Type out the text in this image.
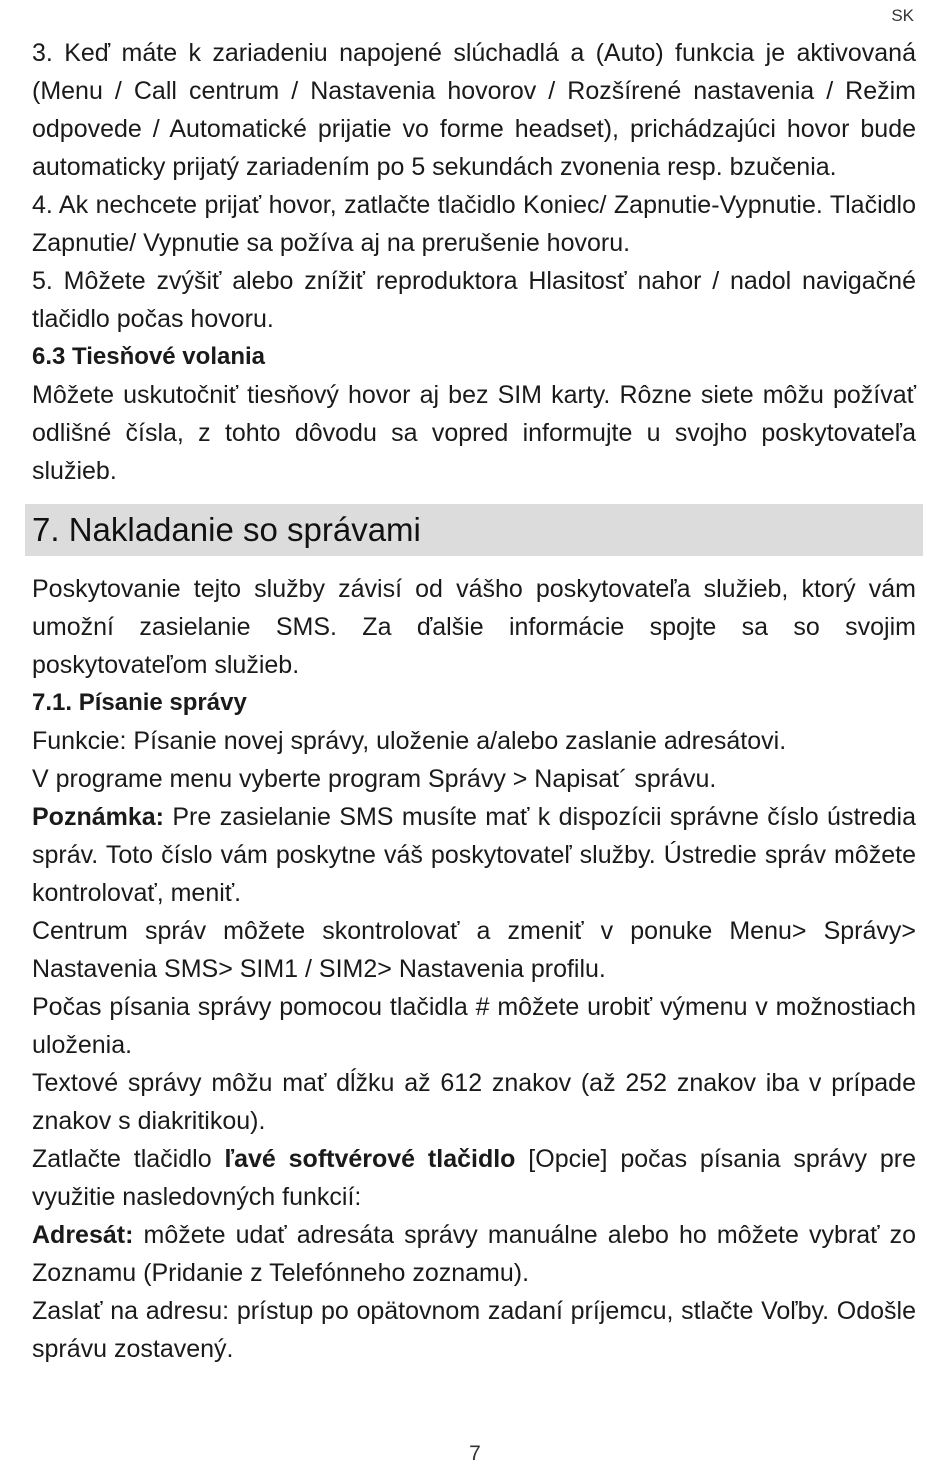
SK

3. Keď máte k zariadeniu napojené slúchadlá a (Auto) funkcia je aktivovaná (Menu / Call centrum / Nastavenia hovorov / Rozšírené nastavenia / Režim odpovede / Automatické prijatie vo forme headset), prichádzajúci hovor bude automaticky prijatý zariadením po 5 sekundách zvonenia resp. bzučenia.

4. Ak nechcete prijať hovor, zatlačte tlačidlo Koniec/ Zapnutie-Vypnutie. Tlačidlo Zapnutie/ Vypnutie sa požíva aj na prerušenie hovoru.

5. Môžete zvýšiť alebo znížiť reproduktora Hlasitosť nahor / nadol navigačné tlačidlo počas hovoru.

6.3 Tiesňové volania

Môžete uskutočniť tiesňový hovor aj bez SIM karty. Rôzne siete môžu požívať odlišné čísla, z tohto dôvodu sa vopred informujte u svojho poskytovateľa služieb.

7. Nakladanie so správami

Poskytovanie tejto služby závisí od vášho poskytovateľa služieb, ktorý vám umožní zasielanie SMS. Za ďalšie informácie spojte sa so svojim poskytovateľom služieb.

7.1. Písanie správy

Funkcie: Písanie novej správy, uloženie a/alebo zaslanie adresátovi.

V programe menu vyberte program Správy > Napisat´ správu.

Poznámka: Pre zasielanie SMS musíte mať k dispozícii správne číslo ústredia správ. Toto číslo vám poskytne váš poskytovateľ služby. Ústredie správ môžete kontrolovať, meniť.

Centrum správ môžete skontrolovať a zmeniť v ponuke Menu> Správy> Nastavenia SMS> SIM1 / SIM2> Nastavenia profilu.

Počas písania správy pomocou tlačidla # môžete urobiť výmenu v možnostiach uloženia.

Textové správy môžu mať dĺžku až 612 znakov (až 252 znakov iba v prípade znakov s diakritikou).

Zatlačte tlačidlo ľavé softvérové tlačidlo [Opcie] počas písania správy pre využitie nasledovných funkcií:

Adresát: môžete udať adresáta správy manuálne alebo ho môžete vybrať zo Zoznamu (Pridanie z Telefónneho zoznamu).

Zaslať na adresu: prístup po opätovnom zadaní príjemcu, stlačte Voľby. Odošle správu zostavený.

7
